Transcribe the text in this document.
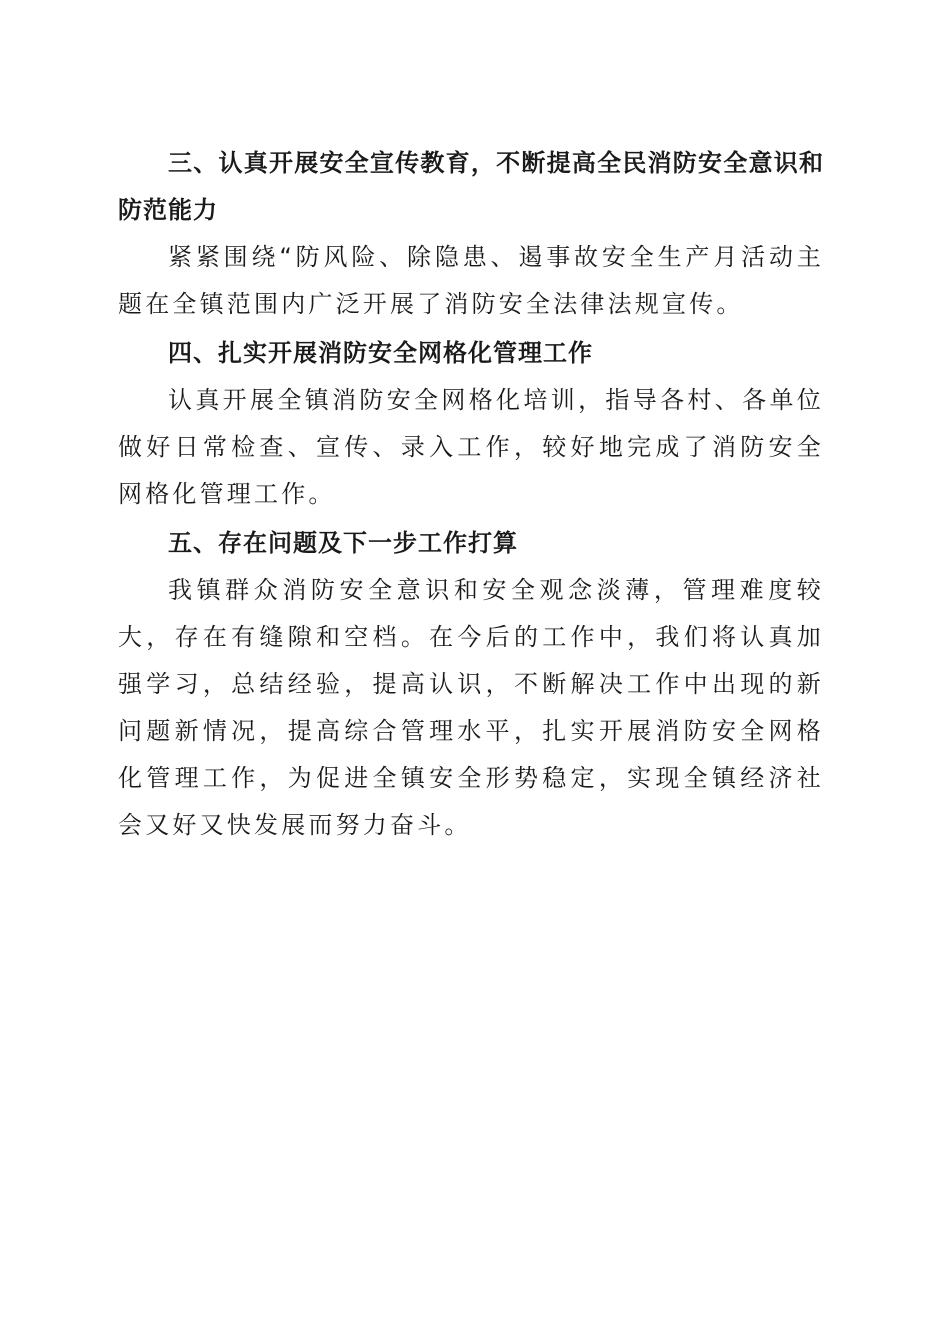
三、认真开展安全宣传教育，不断提高全民消防安全意识和防范能力

紧紧围绕“防风险、除隐患、遏事故安全生产月活动主题在全镇范围内广泛开展了消防安全法律法规宣传。

四、扎实开展消防安全网格化管理工作

认真开展全镇消防安全网格化培训，指导各村、各单位做好日常检查、宣传、录入工作，较好地完成了消防安全网格化管理工作。

五、存在问题及下一步工作打算

我镇群众消防安全意识和安全观念淡薄，管理难度较大，存在有缝隙和空档。在今后的工作中，我们将认真加强学习，总结经验，提高认识，不断解决工作中出现的新问题新情况，提高综合管理水平，扎实开展消防安全网格化管理工作，为促进全镇安全形势稳定，实现全镇经济社会又好又快发展而努力奋斗。
